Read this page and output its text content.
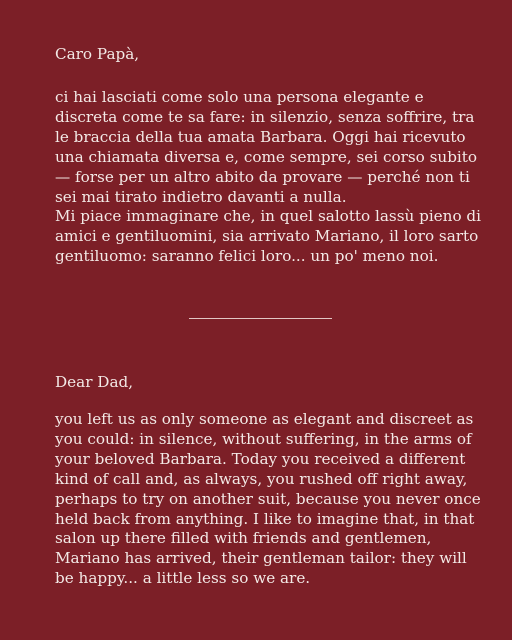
Caro Papà,
ci hai lasciati come solo una persona elegante e
discreta come te sa fare: in silenzio, senza soffrire, tra
le braccia della tua amata Barbara. Oggi hai ricevuto
una chiamata diversa e, come sempre, sei corso subito
— forse per un altro abito da provare — perché non ti
sei mai tirato indietro davanti a nulla.
Mi piace immaginare che, in quel salotto lassù pieno di
amici e gentiluomini, sia arrivato Mariano, il loro sarto
gentiluomo: saranno felici loro... un po' meno noi.
Dear Dad,
you left us as only someone as elegant and discreet as
you could: in silence, without suffering, in the arms of
your beloved Barbara. Today you received a different
kind of call and, as always, you rushed off right away,
perhaps to try on another suit, because you never once
held back from anything. I like to imagine that, in that
salon up there filled with friends and gentlemen,
Mariano has arrived, their gentleman tailor: they will
be happy... a little less so we are.
